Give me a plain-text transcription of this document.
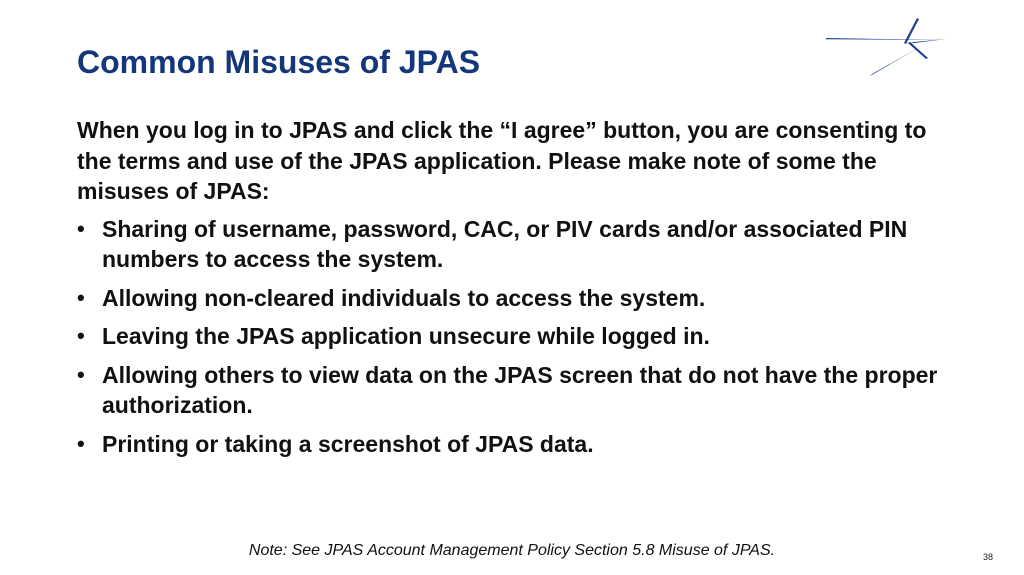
Common Misuses of JPAS

When you log in to JPAS and click the “I agree” button, you are consenting to the terms and use of the JPAS application. Please make note of some the misuses of JPAS:

• Sharing of username, password, CAC, or PIV cards and/or associated PIN numbers to access the system.
• Allowing non-cleared individuals to access the system.
• Leaving the JPAS application unsecure while logged in.
• Allowing others to view data on the JPAS screen that do not have the proper authorization.
• Printing or taking a screenshot of JPAS data.
Note: See JPAS Account Management Policy Section 5.8 Misuse of JPAS.	38
